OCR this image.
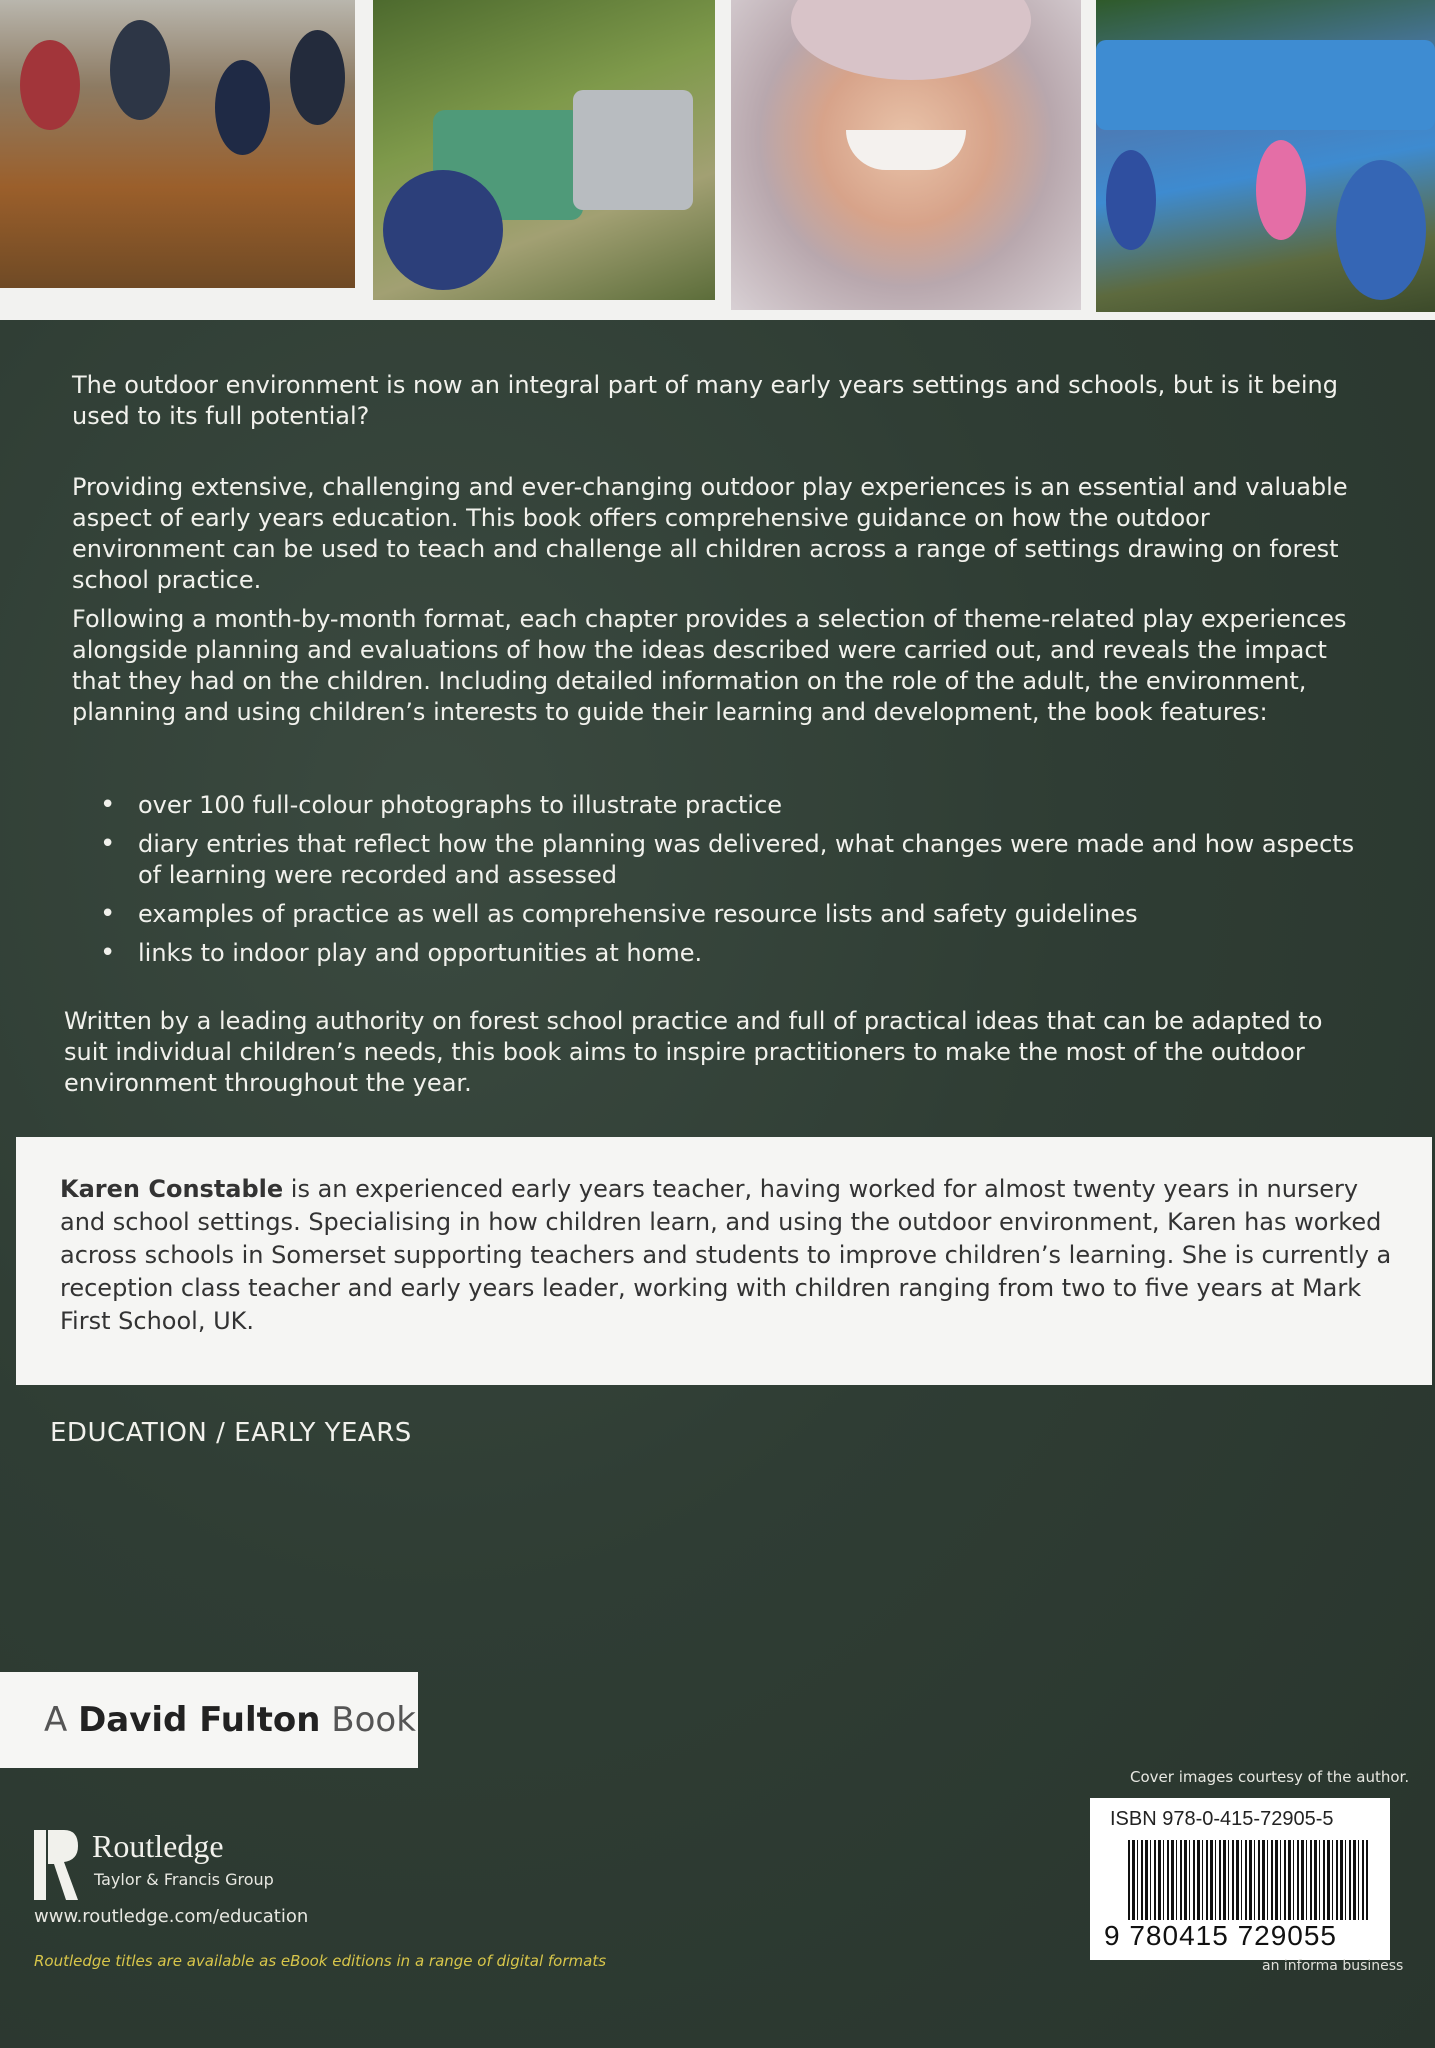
The outdoor environment is now an integral part of many early years settings and schools, but is it being used to its full potential?
Providing extensive, challenging and ever-changing outdoor play experiences is an essential and valuable aspect of early years education. This book offers comprehensive guidance on how the outdoor environment can be used to teach and challenge all children across a range of settings drawing on forest school practice.
Following a month-by-month format, each chapter provides a selection of theme-related play experiences alongside planning and evaluations of how the ideas described were carried out, and reveals the impact that they had on the children. Including detailed information on the role of the adult, the environment, planning and using children’s interests to guide their learning and development, the book features:
• over 100 full-colour photographs to illustrate practice
• diary entries that reflect how the planning was delivered, what changes were made and how aspects of learning were recorded and assessed
• examples of practice as well as comprehensive resource lists and safety guidelines
• links to indoor play and opportunities at home.
Written by a leading authority on forest school practice and full of practical ideas that can be adapted to suit individual children’s needs, this book aims to inspire practitioners to make the most of the outdoor environment throughout the year.
Karen Constable is an experienced early years teacher, having worked for almost twenty years in nursery and school settings. Specialising in how children learn, and using the outdoor environment, Karen has worked across schools in Somerset supporting teachers and students to improve children’s learning. She is currently a reception class teacher and early years leader, working with children ranging from two to five years at Mark First School, UK.
EDUCATION / EARLY YEARS
A David Fulton Book
Cover images courtesy of the author.
ISBN 978-0-415-72905-5
9 780415 729055
an informa business
Routledge
Taylor & Francis Group
www.routledge.com/education
Routledge titles are available as eBook editions in a range of digital formats
